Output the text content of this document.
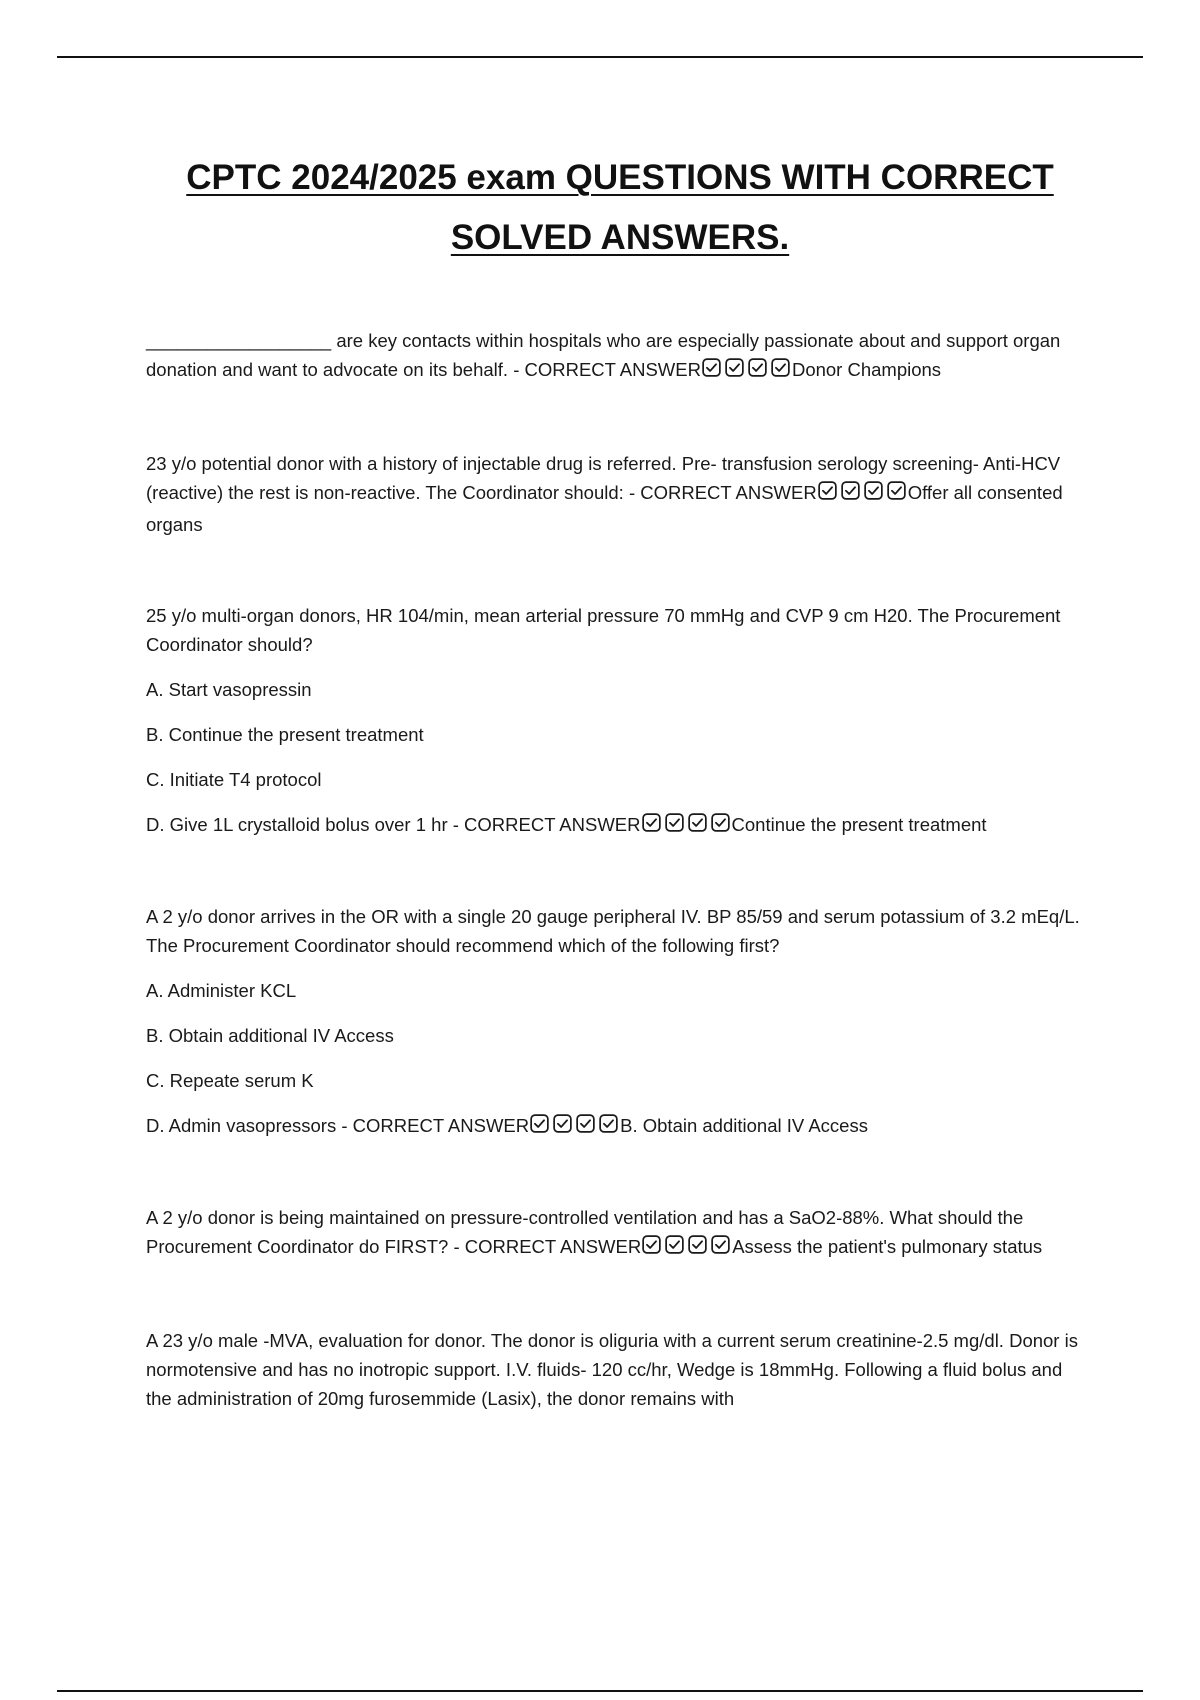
CPTC 2024/2025 exam QUESTIONS WITH CORRECT
SOLVED ANSWERS.

__________________ are key contacts within hospitals who are especially passionate about and support organ donation and want to advocate on its behalf. - CORRECT ANSWER	Donor Champions

23 y/o potential donor with a history of injectable drug is referred. Pre- transfusion serology screening- Anti-HCV (reactive) the rest is non-reactive. The Coordinator should: - CORRECT ANSWER	Offer all consented organs

25 y/o multi-organ donors, HR 104/min, mean arterial pressure 70 mmHg and CVP 9 cm H20. The Procurement Coordinator should?

A. Start vasopressin

B. Continue the present treatment

C. Initiate T4 protocol

D. Give 1L crystalloid bolus over 1 hr - CORRECT ANSWER	Continue the present treatment

A 2 y/o donor arrives in the OR with a single 20 gauge peripheral IV. BP 85/59 and serum potassium of 3.2 mEq/L. The Procurement Coordinator should recommend which of the following first?

A. Administer KCL

B. Obtain additional IV Access

C. Repeate serum K

D. Admin vasopressors - CORRECT ANSWER	B. Obtain additional IV Access

A 2 y/o donor is being maintained on pressure-controlled ventilation and has a SaO2-88%. What should the Procurement Coordinator do FIRST? - CORRECT ANSWER	Assess the patient's pulmonary status

A 23 y/o male -MVA, evaluation for donor. The donor is oliguria with a current serum creatinine-2.5 mg/dl. Donor is normotensive and has no inotropic support. I.V. fluids- 120 cc/hr, Wedge is 18mmHg. Following a fluid bolus and the administration of 20mg furosemmide (Lasix), the donor remains with
